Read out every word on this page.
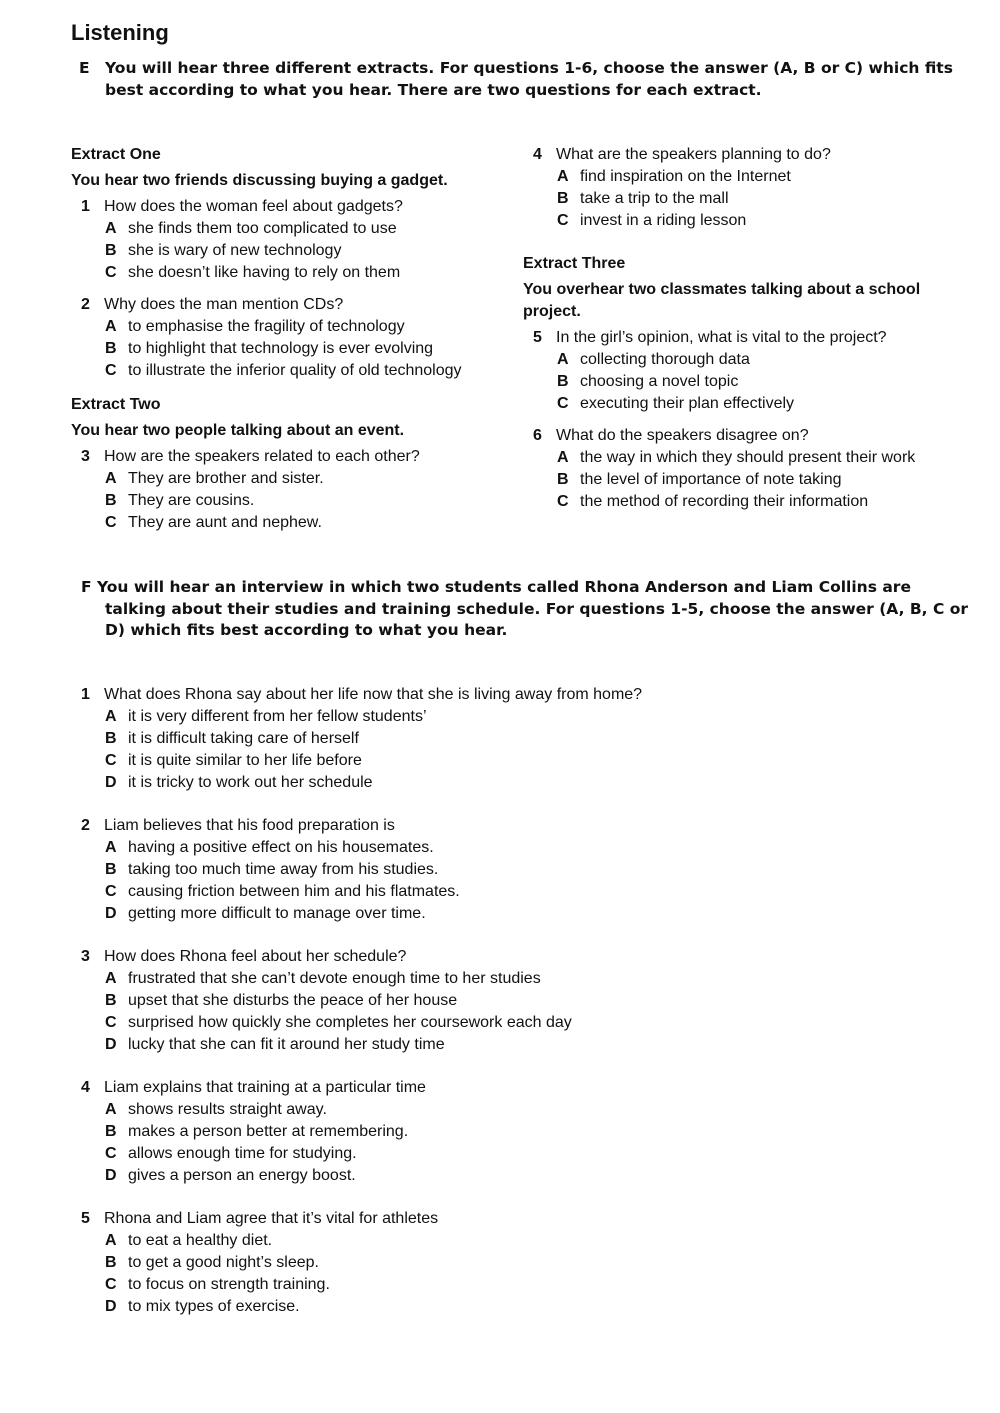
Listening
E You will hear three different extracts. For questions 1-6, choose the answer (A, B or C) which fits best according to what you hear. There are two questions for each extract.

Extract One

You hear two friends discussing buying a gadget.

1 How does the woman feel about gadgets?
A she finds them too complicated to use
B she is wary of new technology
C she doesn’t like having to rely on them
2 Why does the man mention CDs?
A to emphasise the fragility of technology
B to highlight that technology is ever evolving
C to illustrate the inferior quality of old technology

Extract Two

You hear two people talking about an event.

3 How are the speakers related to each other?
A They are brother and sister.
B They are cousins.
C They are aunt and nephew.
4 What are the speakers planning to do?
A find inspiration on the Internet
B take a trip to the mall
C invest in a riding lesson

Extract Three

You overhear two classmates talking about a school project.

5 In the girl’s opinion, what is vital to the project?
A collecting thorough data
B choosing a novel topic
C executing their plan effectively
6 What do the speakers disagree on?
A the way in which they should present their work
B the level of importance of note taking
C the method of recording their information
F You will hear an interview in which two students called Rhona Anderson and Liam Collins are talking about their studies and training schedule. For questions 1-5, choose the answer (A, B, C or D) which fits best according to what you hear.
1 What does Rhona say about her life now that she is living away from home?
A it is very different from her fellow students’
B it is difficult taking care of herself
C it is quite similar to her life before
D it is tricky to work out her schedule
2 Liam believes that his food preparation is
A having a positive effect on his housemates.
B taking too much time away from his studies.
C causing friction between him and his flatmates.
D getting more difficult to manage over time.
3 How does Rhona feel about her schedule?
A frustrated that she can’t devote enough time to her studies
B upset that she disturbs the peace of her house
C surprised how quickly she completes her coursework each day
D lucky that she can fit it around her study time
4 Liam explains that training at a particular time
A shows results straight away.
B makes a person better at remembering.
C allows enough time for studying.
D gives a person an energy boost.
5 Rhona and Liam agree that it’s vital for athletes
A to eat a healthy diet.
B to get a good night’s sleep.
C to focus on strength training.
D to mix types of exercise.
